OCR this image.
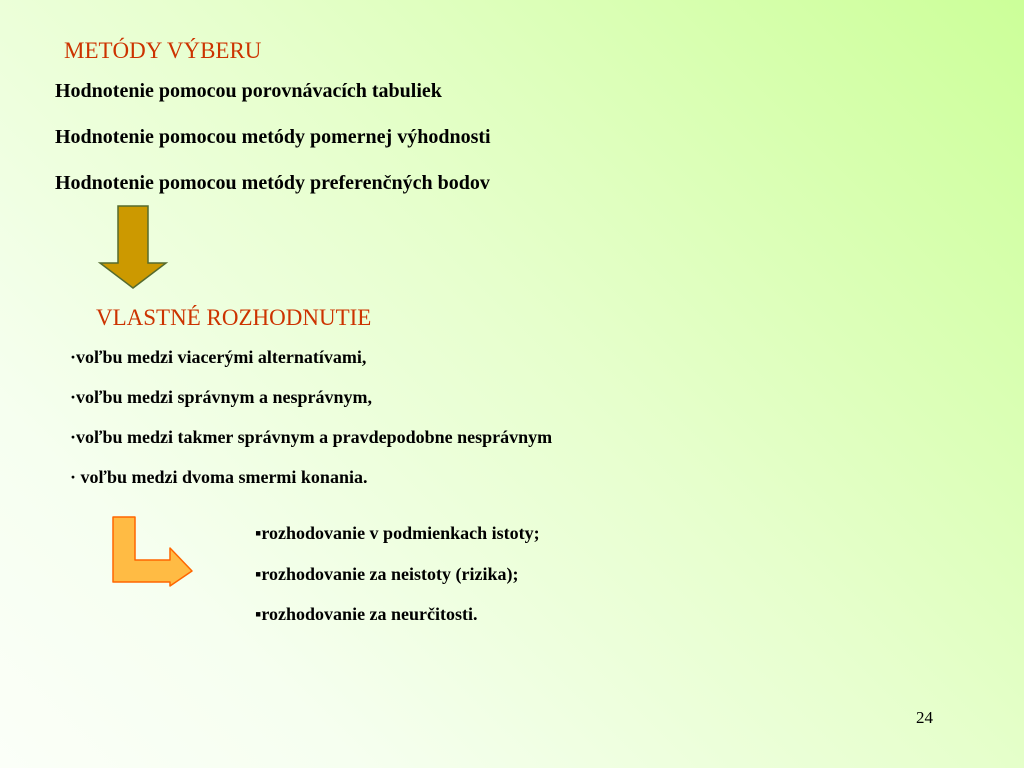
METÓDY VÝBERU
Hodnotenie pomocou porovnávacích tabuliek
Hodnotenie pomocou metódy pomernej výhodnosti
Hodnotenie pomocou metódy preferenčných bodov
VLASTNÉ ROZHODNUTIE
·voľbu medzi viacerými alternatívami,
·voľbu medzi správnym a nesprávnym,
·voľbu medzi takmer správnym a pravdepodobne nesprávnym
· voľbu medzi dvoma smermi konania.
▪rozhodovanie v podmienkach istoty;
▪rozhodovanie za neistoty (rizika);
▪rozhodovanie za neurčitosti.
24
